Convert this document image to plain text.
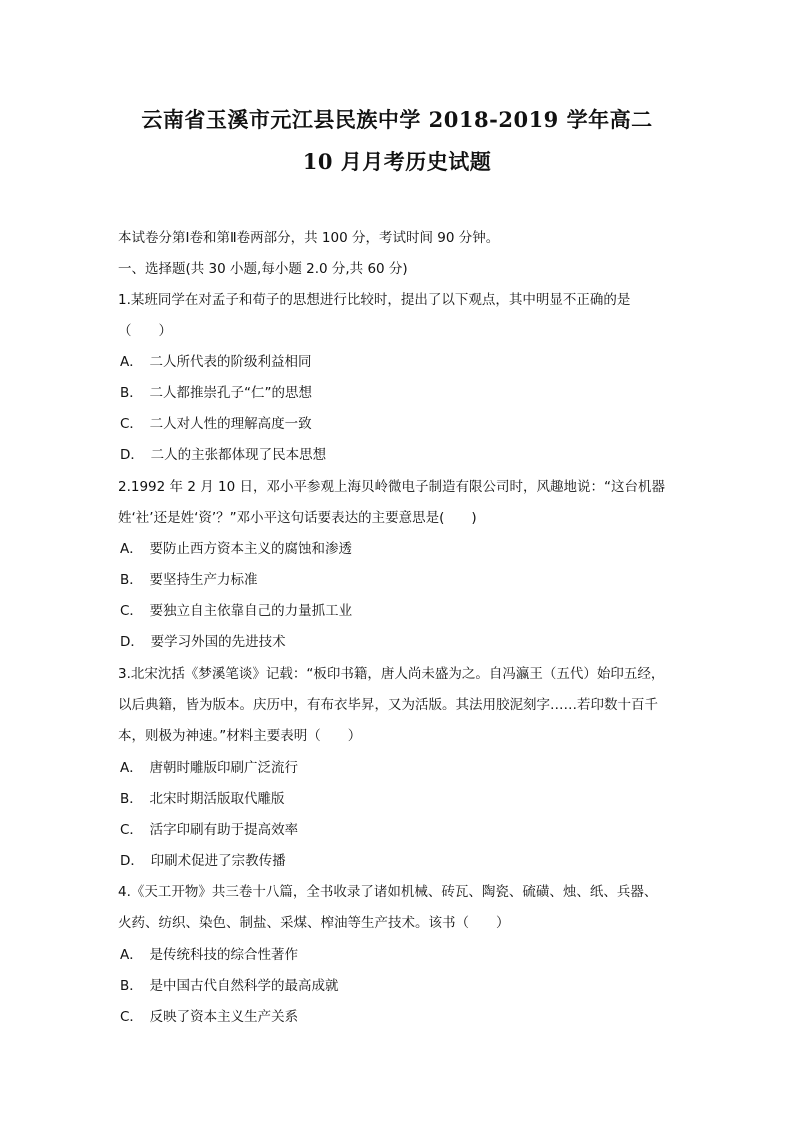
云南省玉溪市元江县民族中学 2018-2019 学年高二
10 月月考历史试题
本试卷分第Ⅰ卷和第Ⅱ卷两部分，共 100 分，考试时间 90 分钟。
一、选择题(共 30 小题,每小题 2.0 分,共 60 分)
1.某班同学在对孟子和荀子的思想进行比较时，提出了以下观点，其中明显不正确的是
（　　）
A．　二人所代表的阶级利益相同
B．　二人都推崇孔子“仁”的思想
C．　二人对人性的理解高度一致
D．　二人的主张都体现了民本思想
2.1992 年 2 月 10 日，邓小平参观上海贝岭微电子制造有限公司时，风趣地说：“这台机器
姓‘社’还是姓‘资’？”邓小平这句话要表达的主要意思是(　　)
A．　要防止西方资本主义的腐蚀和渗透
B．　要坚持生产力标准
C．　要独立自主依靠自己的力量抓工业
D．　要学习外国的先进技术
3.北宋沈括《梦溪笔谈》记载：“板印书籍，唐人尚未盛为之。自冯瀛王（五代）始印五经，
以后典籍，皆为版本。庆历中，有布衣毕昇，又为活版。其法用胶泥刻字……若印数十百千
本，则极为神速。”材料主要表明（　　）
A．　唐朝时雕版印刷广泛流行
B．　北宋时期活版取代雕版
C．　活字印刷有助于提高效率
D．　印刷术促进了宗教传播
4.《天工开物》共三卷十八篇，全书收录了诸如机械、砖瓦、陶瓷、硫磺、烛、纸、兵器、
火药、纺织、染色、制盐、采煤、榨油等生产技术。该书（　　）
A．　是传统科技的综合性著作
B．　是中国古代自然科学的最高成就
C．　反映了资本主义生产关系
